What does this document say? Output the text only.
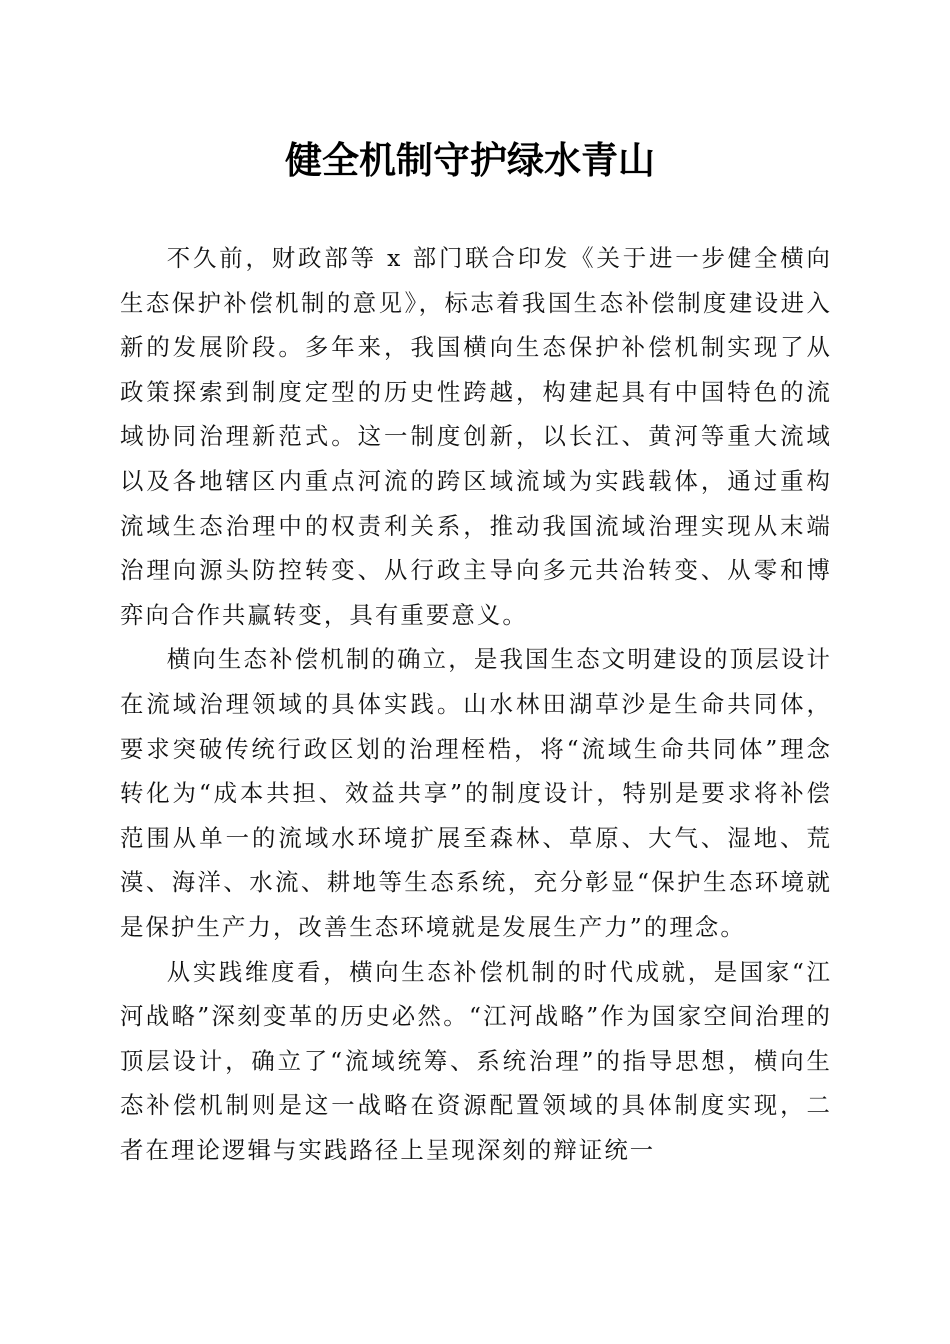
健全机制守护绿水青山

不久前，财政部等 x 部门联合印发《关于进一步健全横向生态保护补偿机制的意见》，标志着我国生态补偿制度建设进入新的发展阶段。多年来，我国横向生态保护补偿机制实现了从政策探索到制度定型的历史性跨越，构建起具有中国特色的流域协同治理新范式。这一制度创新，以长江、黄河等重大流域以及各地辖区内重点河流的跨区域流域为实践载体，通过重构流域生态治理中的权责利关系，推动我国流域治理实现从末端治理向源头防控转变、从行政主导向多元共治转变、从零和博弈向合作共赢转变，具有重要意义。

横向生态补偿机制的确立，是我国生态文明建设的顶层设计在流域治理领域的具体实践。山水林田湖草沙是生命共同体，要求突破传统行政区划的治理桎梏，将“流域生命共同体”理念转化为“成本共担、效益共享”的制度设计，特别是要求将补偿范围从单一的流域水环境扩展至森林、草原、大气、湿地、荒漠、海洋、水流、耕地等生态系统，充分彰显“保护生态环境就是保护生产力，改善生态环境就是发展生产力”的理念。

从实践维度看，横向生态补偿机制的时代成就，是国家“江河战略”深刻变革的历史必然。“江河战略”作为国家空间治理的顶层设计，确立了“流域统筹、系统治理”的指导思想，横向生态补偿机制则是这一战略在资源配置领域的具体制度实现，二者在理论逻辑与实践路径上呈现深刻的辩证统一
